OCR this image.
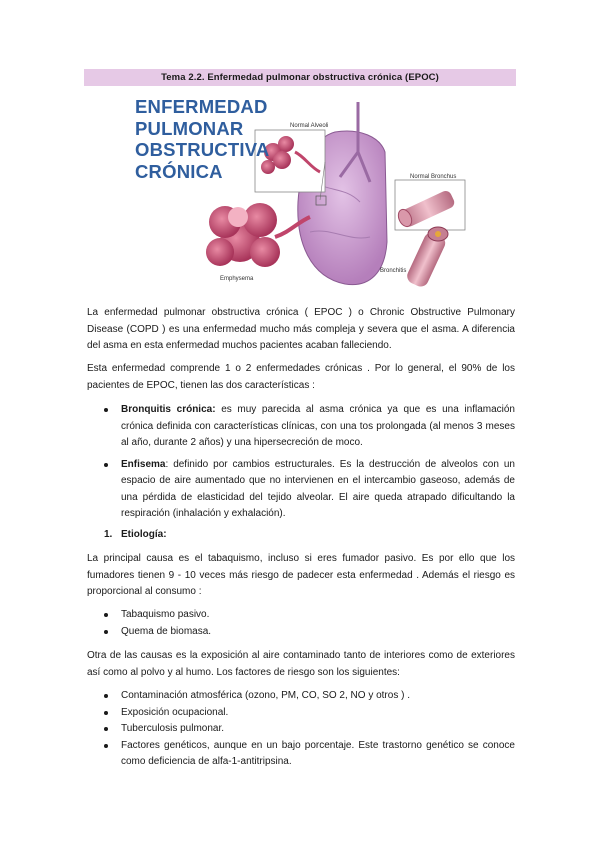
Tema 2.2. Enfermedad pulmonar obstructiva crónica (EPOC)
ENFERMEDAD
PULMONAR
OBSTRUCTIVA
CRÓNICA
Normal Alveoli
Normal Bronchus
Emphysema
Bronchitis

La enfermedad pulmonar obstructiva crónica ( EPOC ) o Chronic Obstructive Pulmonary Disease (COPD ) es una enfermedad mucho más compleja y severa que el asma. A diferencia del asma en esta enfermedad muchos pacientes acaban falleciendo.

Esta enfermedad comprende 1 o 2 enfermedades crónicas . Por lo general, el 90% de los pacientes de EPOC, tienen las dos características :

Bronquitis crónica: es muy parecida al asma crónica ya que es una inflamación crónica definida con características clínicas, con una tos prolongada (al menos 3 meses al año, durante 2 años) y una hipersecreción de moco.
Enfisema: definido por cambios estructurales. Es la destrucción de alveolos con un espacio de aire aumentado que no intervienen en el intercambio gaseoso, además de una pérdida de elasticidad del tejido alveolar. El aire queda atrapado dificultando la respiración (inhalación y exhalación).
1. Etiología:

La principal causa es el tabaquismo, incluso si eres fumador pasivo. Es por ello que los fumadores tienen 9 - 10 veces más riesgo de padecer esta enfermedad . Además el riesgo es proporcional al consumo :

Tabaquismo pasivo.
Quema de biomasa.

Otra de las causas es la exposición al aire contaminado tanto de interiores como de exteriores así como al polvo y al humo. Los factores de riesgo son los siguientes:

Contaminación atmosférica (ozono, PM, CO, SO 2, NO y otros ) .
Exposición ocupacional.
Tuberculosis pulmonar.
Factores genéticos, aunque en un bajo porcentaje. Este trastorno genético se conoce como deficiencia de alfa-1-antitripsina.
